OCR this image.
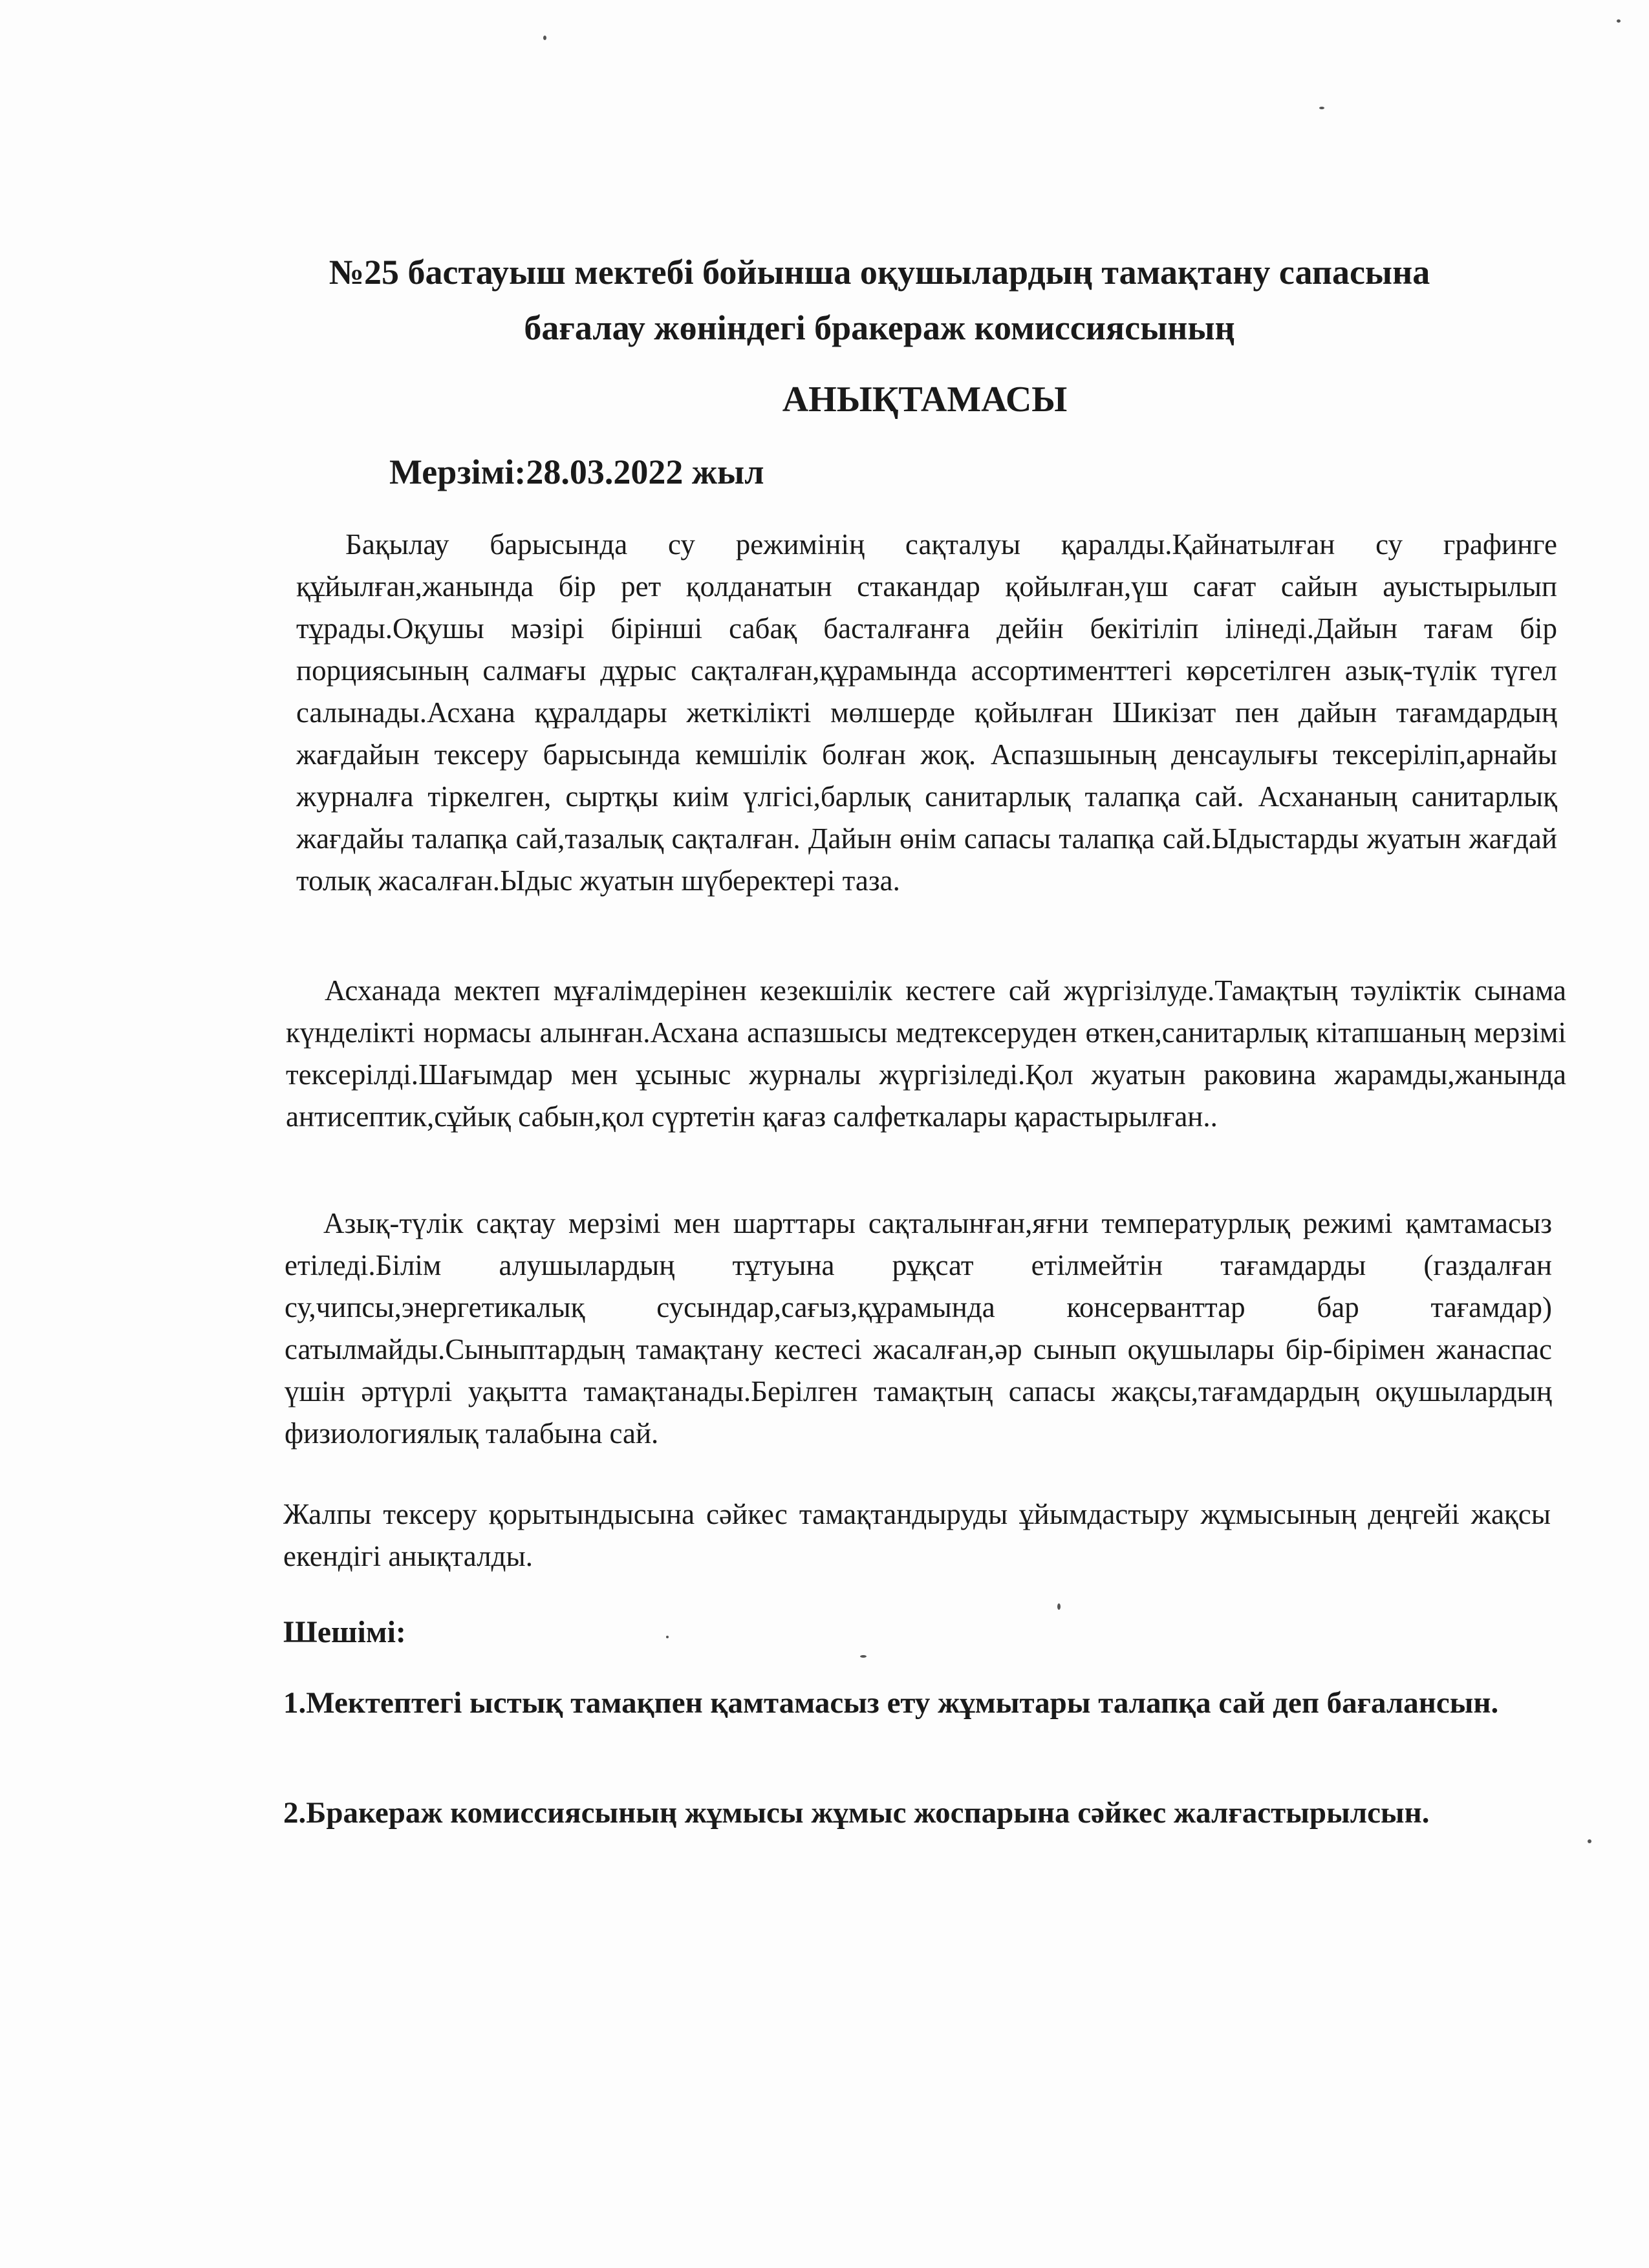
№25 бастауыш мектебі бойынша оқушылардың тамақтану сапасына
бағалау жөніндегі бракераж комиссиясының
АНЫҚТАМАСЫ
Мерзімі:28.03.2022 жыл
Бақылау барысында су режимінің сақталуы қаралды.Қайнатылған су графинге құйылған,жанында бір рет қолданатын стакандар қойылған,үш сағат сайын ауыстырылып тұрады.Оқушы мәзірі бірінші сабақ басталғанға дейін бекітіліп ілінеді.Дайын тағам бір порциясының салмағы дұрыс сақталған,құрамында ассортименттегі көрсетілген азық-түлік түгел салынады.Асхана құралдары жеткілікті мөлшерде қойылған Шикізат пен дайын тағамдардың жағдайын тексеру барысында кемшілік болған жоқ. Аспазшының денсаулығы тексеріліп,арнайы журналға тіркелген, сыртқы киім үлгісі,барлық санитарлық талапқа сай. Асхананың санитарлық жағдайы талапқа сай,тазалық сақталған. Дайын өнім сапасы талапқа сай.Ыдыстарды жуатын жағдай толық жасалған.Ыдыс жуатын шүберектері таза.
Асханада мектеп мұғалімдерінен кезекшілік кестеге сай жүргізілуде.Тамақтың тәуліктік сынама күнделікті нормасы алынған.Асхана аспазшысы медтексеруден өткен,санитарлық кітапшаның мерзімі тексерілді.Шағымдар мен ұсыныс журналы жүргізіледі.Қол жуатын раковина жарамды,жанында антисептик,сұйық сабын,қол сүртетін қағаз салфеткалары қарастырылған..
Азық-түлік сақтау мерзімі мен шарттары сақталынған,яғни температурлық режимі қамтамасыз етіледі.Білім алушылардың тұтуына рұқсат етілмейтін тағамдарды (газдалған су,чипсы,энергетикалық сусындар,сағыз,құрамында консерванттар бар тағамдар) сатылмайды.Сыныптардың тамақтану кестесі жасалған,әр сынып оқушылары бір-бірімен жанаспас үшін әртүрлі уақытта тамақтанады.Берілген тамақтың сапасы жақсы,тағамдардың оқушылардың физиологиялық талабына сай.
Жалпы тексеру қорытындысына сәйкес тамақтандыруды ұйымдастыру жұмысының деңгейі жақсы екендігі анықталды.
Шешімі:
1.Мектептегі ыстық тамақпен қамтамасыз ету жұмытары талапқа сай деп бағалансын.
2.Бракераж комиссиясының жұмысы жұмыс жоспарына сәйкес жалғастырылсын.
